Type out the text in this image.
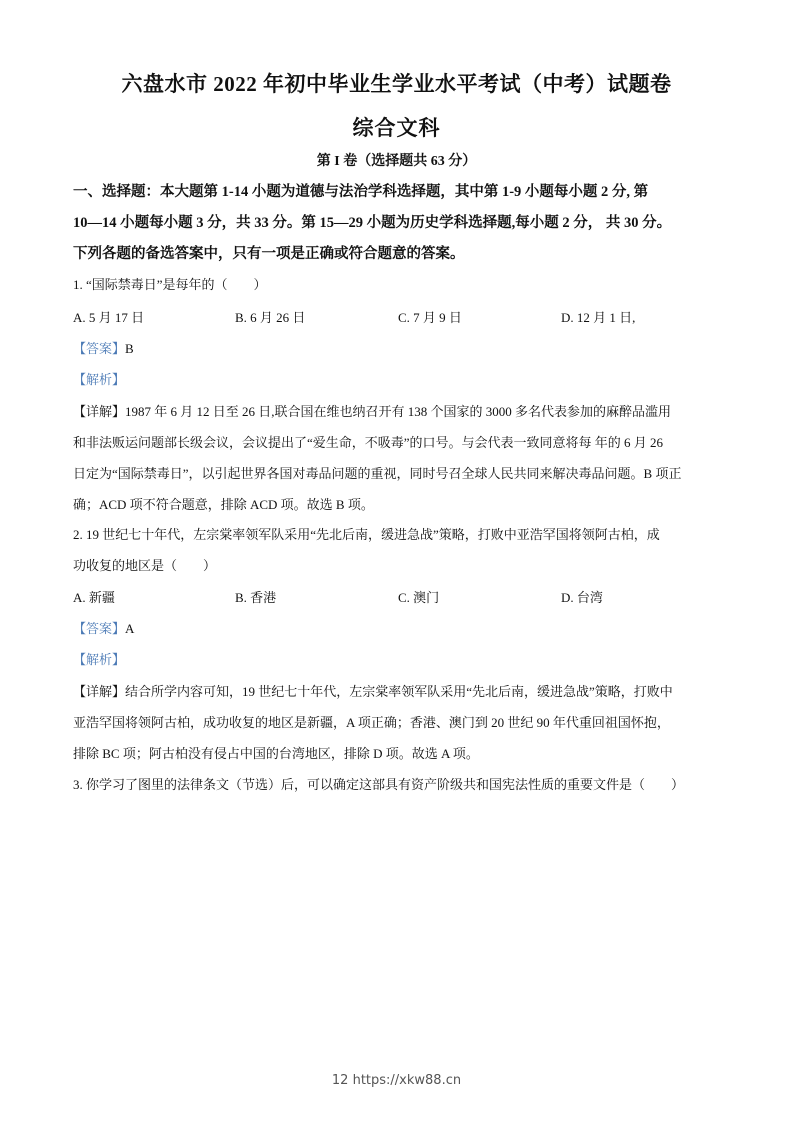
六盘水市 2022 年初中毕业生学业水平考试（中考）试题卷
综合文科
第 I 卷（选择题共 63 分）
一、选择题：本大题第 1-14 小题为道德与法治学科选择题，其中第 1-9 小题每小题 2 分, 第
10—14 小题每小题 3 分，共 33 分。第 15—29 小题为历史学科选择题,每小题 2 分， 共 30 分。
下列各题的备选答案中，只有一项是正确或符合题意的答案。
1. “国际禁毒日”是每年的（　　）
A. 5 月 17 日	B. 6 月 26 日	C. 7 月 9 日	D. 12 月 1 日,
【答案】B
【解析】
【详解】1987 年 6 月 12 日至 26 日,联合国在维也纳召开有 138 个国家的 3000 多名代表参加的麻醉品滥用
和非法贩运问题部长级会议，会议提出了“爱生命，不吸毒”的口号。与会代表一致同意将每 年的 6 月 26
日定为“国际禁毒日”，以引起世界各国对毒品问题的重视，同时号召全球人民共同来解决毒品问题。B 项正
确；ACD 项不符合题意，排除 ACD 项。故选 B 项。
2. 19 世纪七十年代，左宗棠率领军队采用“先北后南，缓进急战”策略，打败中亚浩罕国将领阿古柏，成
功收复的地区是（　　）
A. 新疆	B. 香港	C. 澳门	D. 台湾
【答案】A
【解析】
【详解】结合所学内容可知，19 世纪七十年代，左宗棠率领军队采用“先北后南，缓进急战”策略，打败中
亚浩罕国将领阿古柏，成功收复的地区是新疆，A 项正确；香港、澳门到 20 世纪 90 年代重回祖国怀抱，
排除 BC 项；阿古柏没有侵占中国的台湾地区，排除 D 项。故选 A 项。
3. 你学习了图里的法律条文（节选）后，可以确定这部具有资产阶级共和国宪法性质的重要文件是（　　）
12 https://xkw88.cn
